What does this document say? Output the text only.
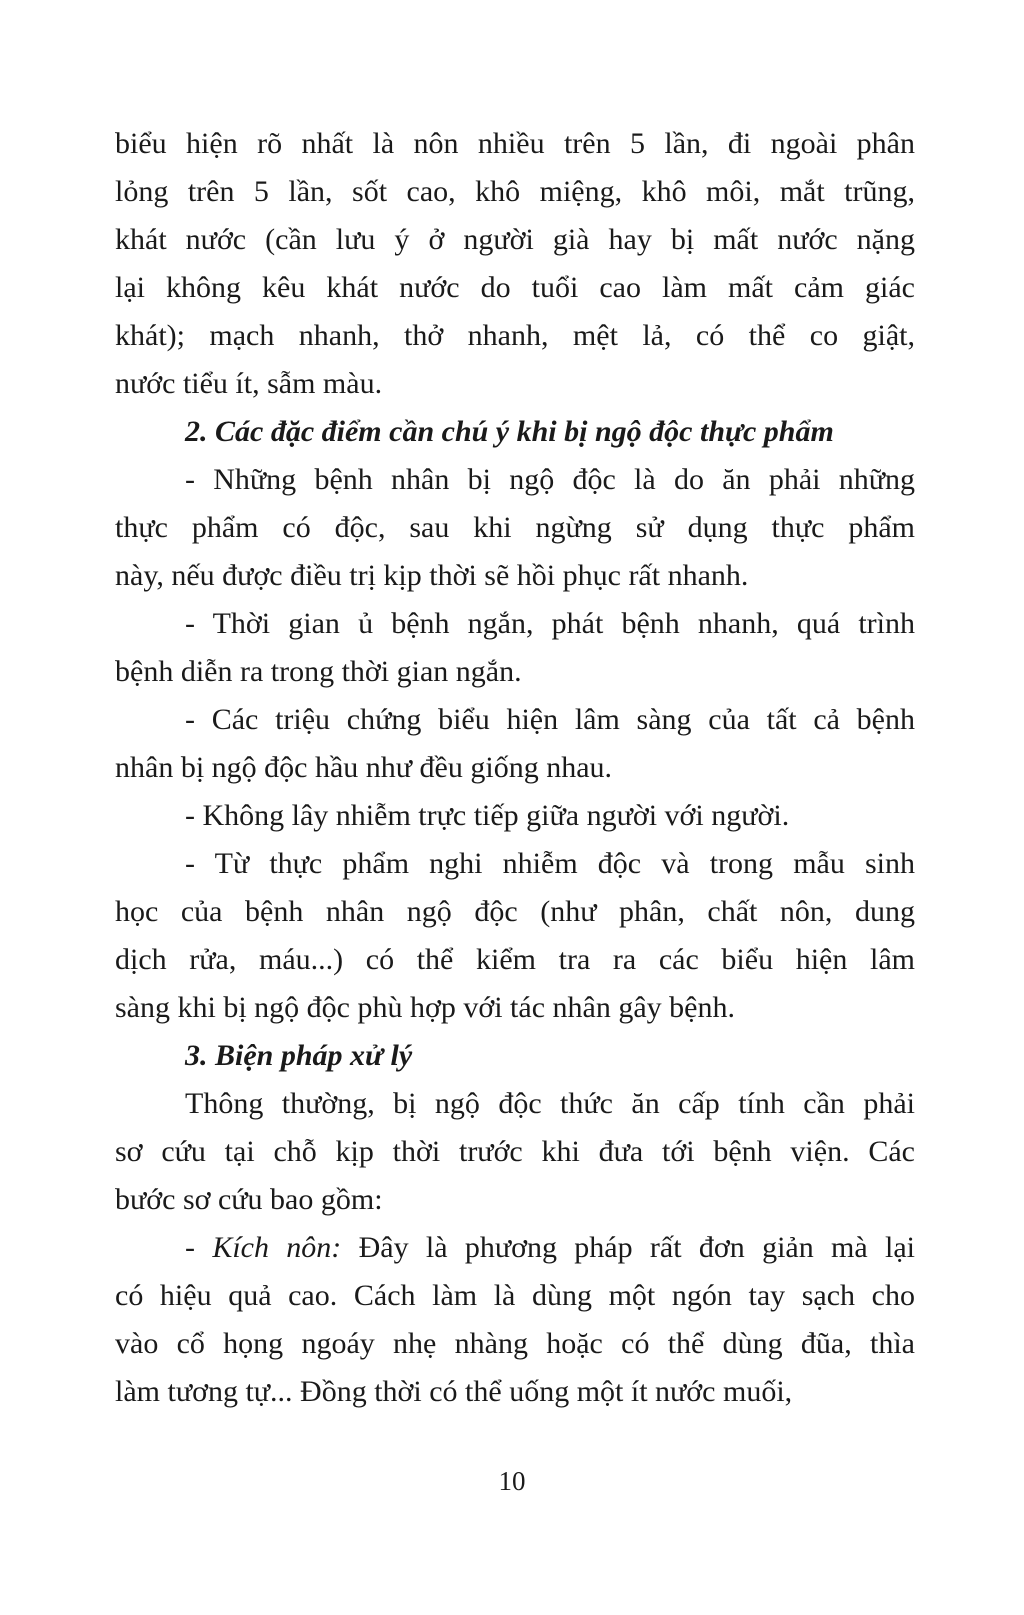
biểu hiện rõ nhất là nôn nhiều trên 5 lần, đi ngoài phân
lỏng trên 5 lần, sốt cao, khô miệng, khô môi, mắt trũng,
khát nước (cần lưu ý ở người già hay bị mất nước nặng
lại không kêu khát nước do tuổi cao làm mất cảm giác
khát); mạch nhanh, thở nhanh, mệt lả, có thể co giật,
nước tiểu ít, sẫm màu.
2. Các đặc điểm cần chú ý khi bị ngộ độc thực phẩm
- Những bệnh nhân bị ngộ độc là do ăn phải những
thực phẩm có độc, sau khi ngừng sử dụng thực phẩm
này, nếu được điều trị kịp thời sẽ hồi phục rất nhanh.
- Thời gian ủ bệnh ngắn, phát bệnh nhanh, quá trình
bệnh diễn ra trong thời gian ngắn.
- Các triệu chứng biểu hiện lâm sàng của tất cả bệnh
nhân bị ngộ độc hầu như đều giống nhau.
- Không lây nhiễm trực tiếp giữa người với người.
- Từ thực phẩm nghi nhiễm độc và trong mẫu sinh
học của bệnh nhân ngộ độc (như phân, chất nôn, dung
dịch rửa, máu...) có thể kiểm tra ra các biểu hiện lâm
sàng khi bị ngộ độc phù hợp với tác nhân gây bệnh.
3. Biện pháp xử lý
Thông thường, bị ngộ độc thức ăn cấp tính cần phải
sơ cứu tại chỗ kịp thời trước khi đưa tới bệnh viện. Các
bước sơ cứu bao gồm:
- Kích nôn: Đây là phương pháp rất đơn giản mà lại
có hiệu quả cao. Cách làm là dùng một ngón tay sạch cho
vào cổ họng ngoáy nhẹ nhàng hoặc có thể dùng đũa, thìa
làm tương tự... Đồng thời có thể uống một ít nước muối,
10
